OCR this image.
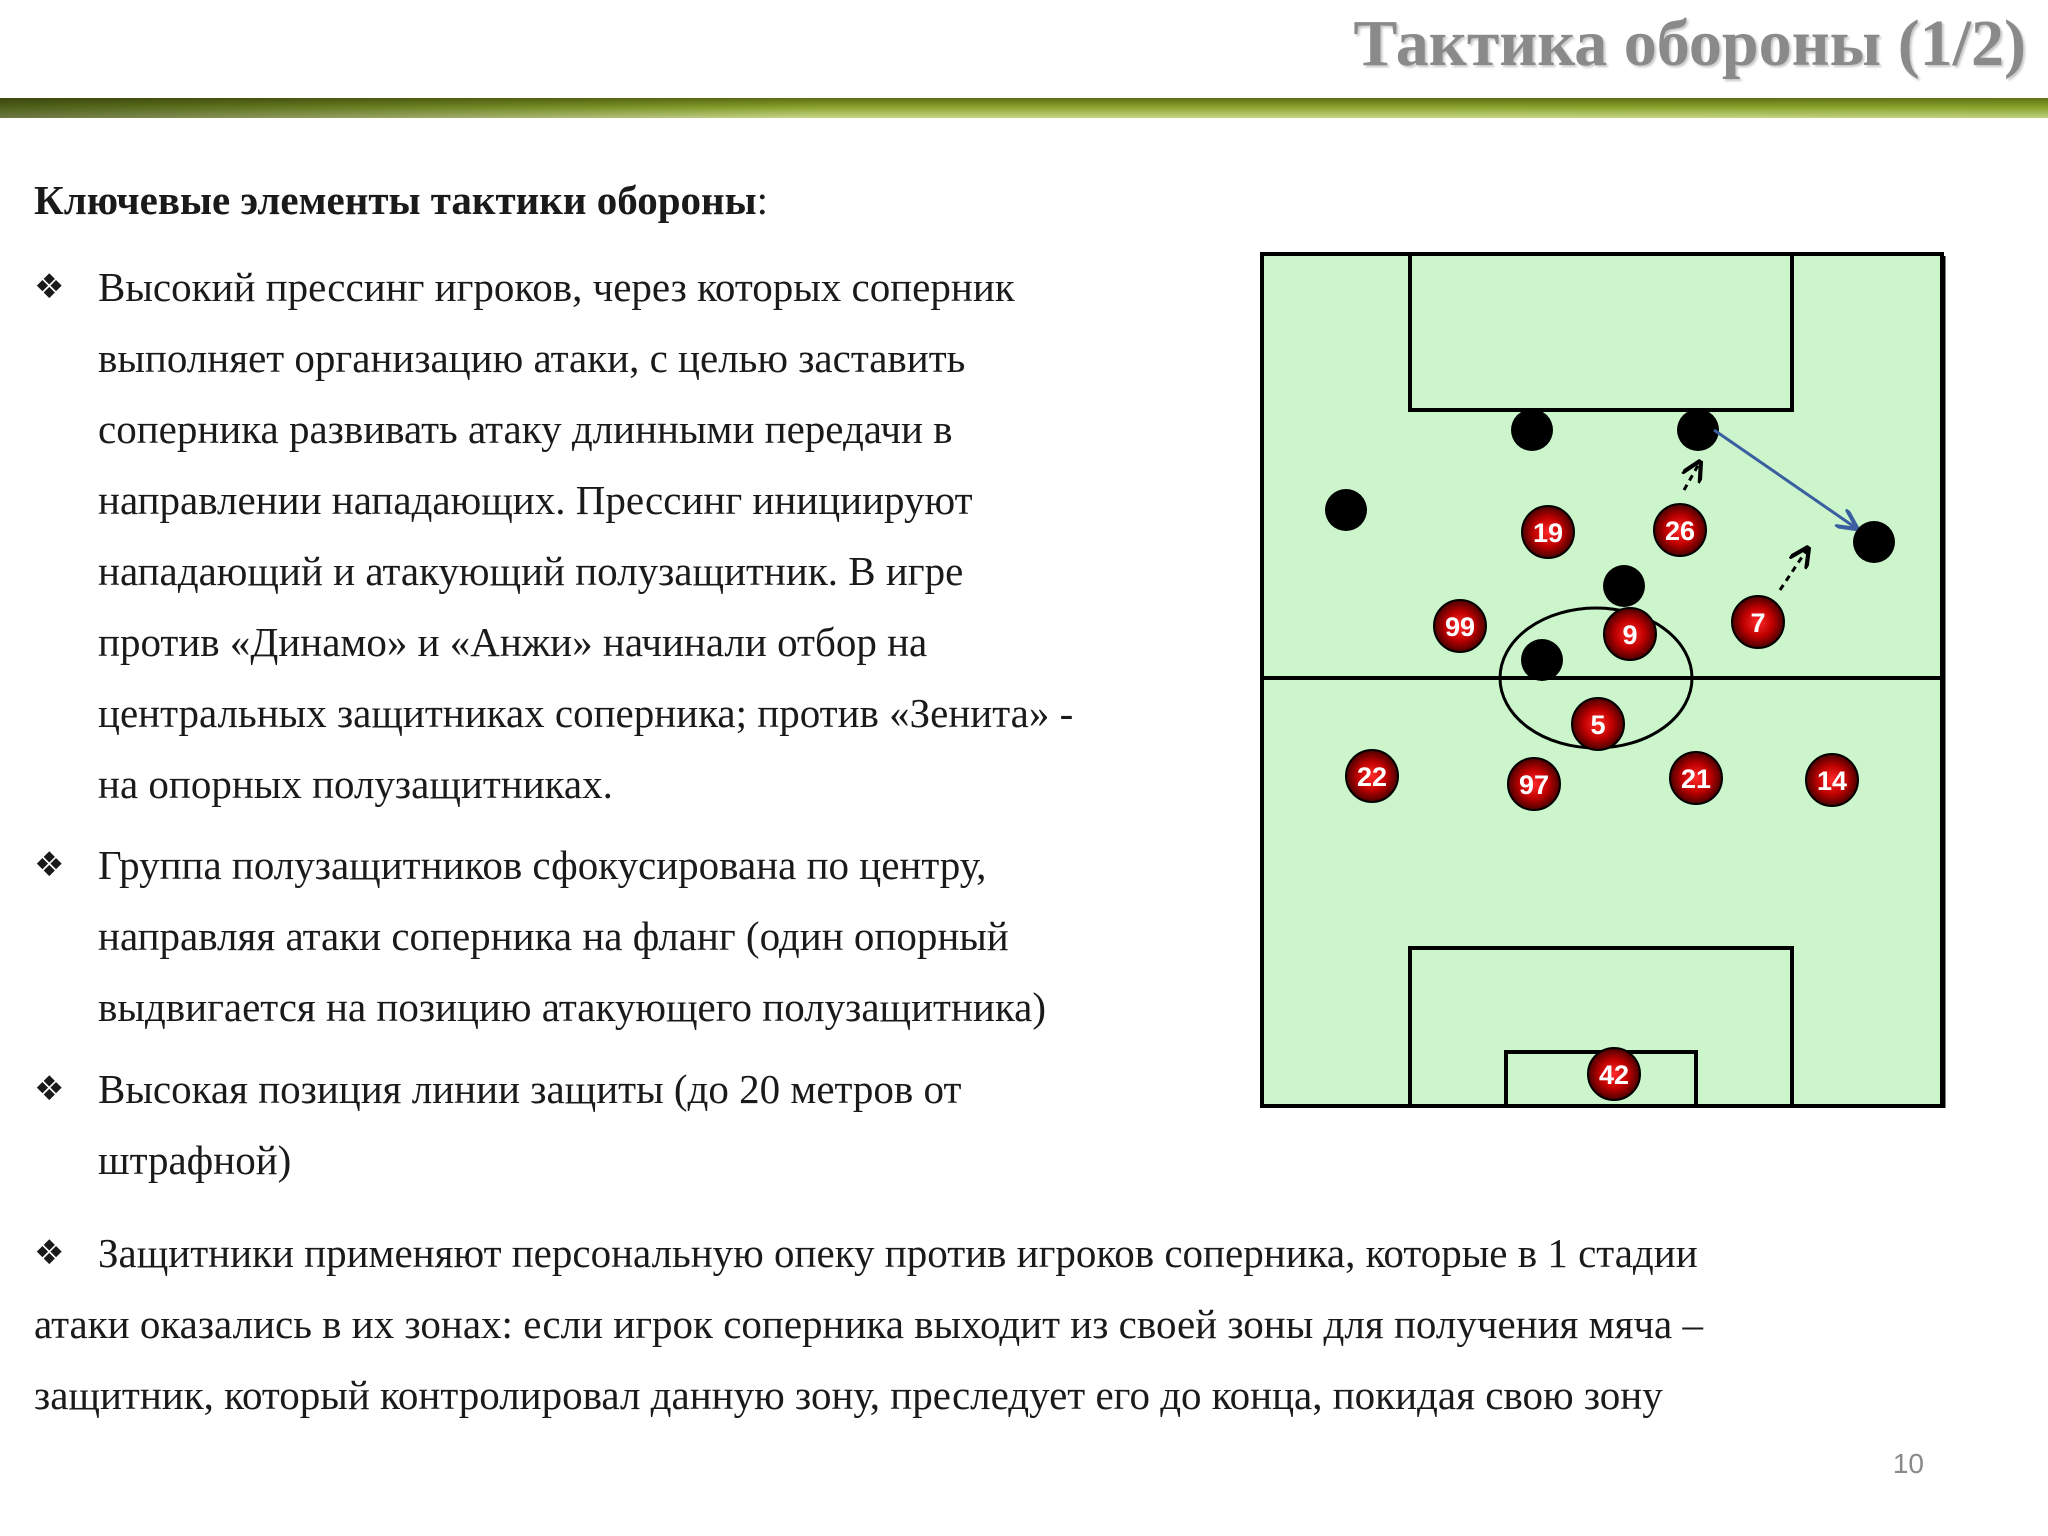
Тактика обороны (1/2)

Ключевые элементы тактики обороны:

❖ Высокий прессинг игроков, через которых соперник
выполняет организацию атаки, с целью заставить
соперника развивать атаку длинными передачи в
направлении нападающих. Прессинг инициируют
нападающий и атакующий полузащитник. В игре
против «Динамо» и «Анжи» начинали отбор на
центральных защитниках соперника; против «Зенита» -
на опорных полузащитниках.
❖ Группа полузащитников сфокусирована по центру,
направляя атаки соперника на фланг (один опорный
выдвигается на позицию атакующего полузащитника)
❖ Высокая позиция линии защиты (до 20 метров от
штрафной)
❖ Защитники применяют персональную опеку против игроков соперника, которые в 1 стадии
атаки оказались в их зонах: если игрок соперника выходит из своей зоны для получения мяча –
защитник, который контролировал данную зону, преследует его до конца, покидая свою зону
19	26
99	9	7
5
22	97	21	14
42
10
